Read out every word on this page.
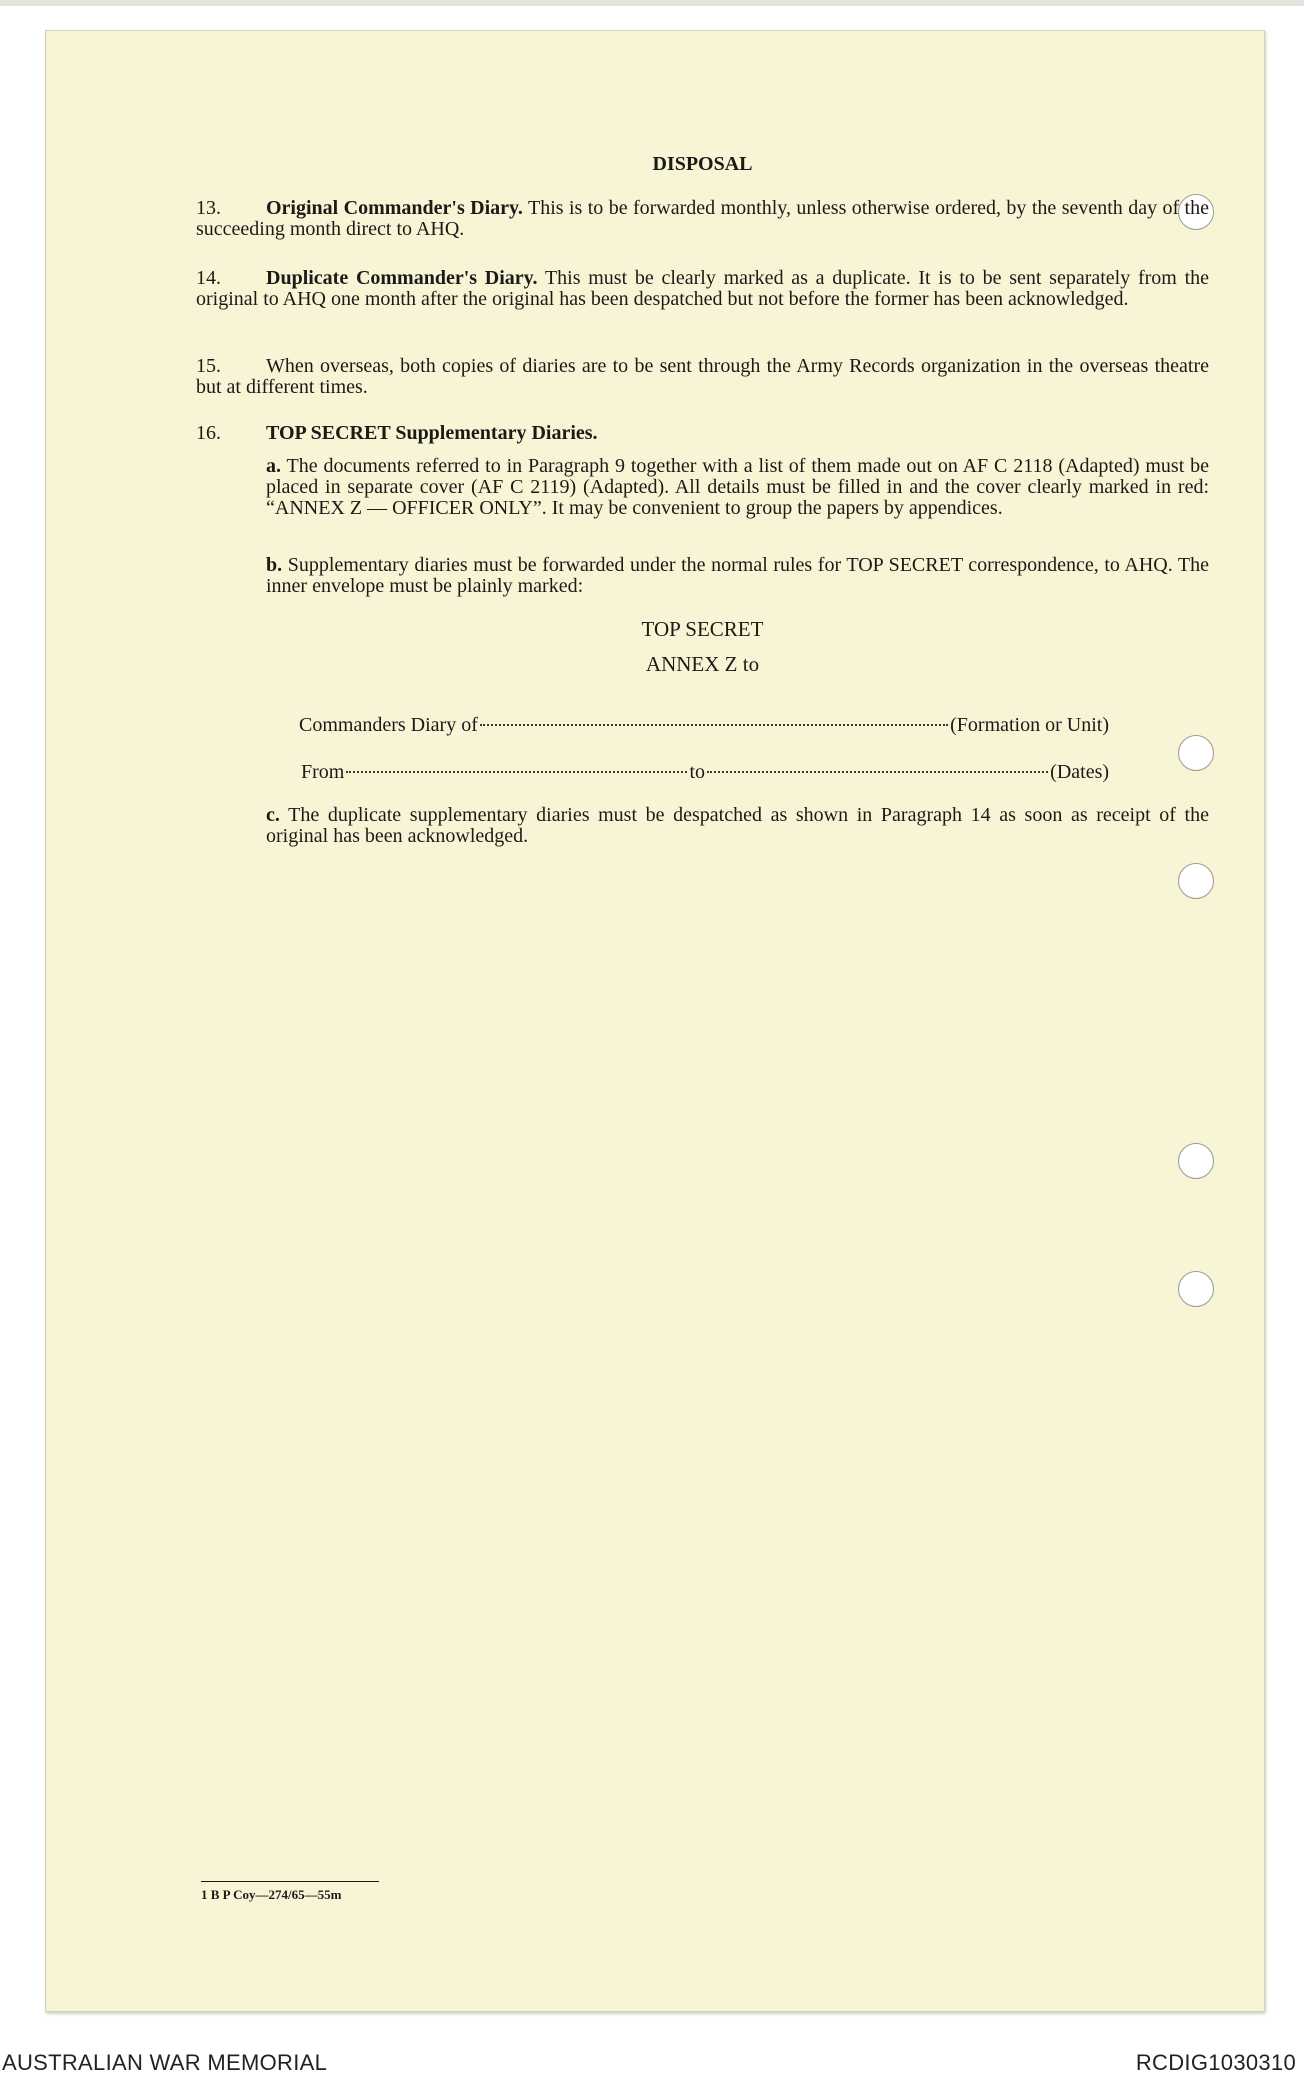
DISPOSAL
13. Original Commander's Diary. This is to be forwarded monthly, unless otherwise ordered, by the seventh day of the succeeding month direct to AHQ.
14. Duplicate Commander's Diary. This must be clearly marked as a duplicate. It is to be sent separately from the original to AHQ one month after the original has been despatched but not before the former has been acknowledged.
15. When overseas, both copies of diaries are to be sent through the Army Records organization in the overseas theatre but at different times.
16. TOP SECRET Supplementary Diaries.
a. The documents referred to in Paragraph 9 together with a list of them made out on AF C 2118 (Adapted) must be placed in separate cover (AF C 2119) (Adapted). All details must be filled in and the cover clearly marked in red: “ANNEX Z — OFFICER ONLY”. It may be convenient to group the papers by appendices.
b. Supplementary diaries must be forwarded under the normal rules for TOP SECRET correspondence, to AHQ. The inner envelope must be plainly marked:
TOP SECRET
ANNEX Z to
Commanders Diary of	(Formation or Unit)
From	to	(Dates)
c. The duplicate supplementary diaries must be despatched as shown in Paragraph 14 as soon as receipt of the original has been acknowledged.
1 B P Coy—274/65—55m
AUSTRALIAN WAR MEMORIAL	RCDIG1030310
